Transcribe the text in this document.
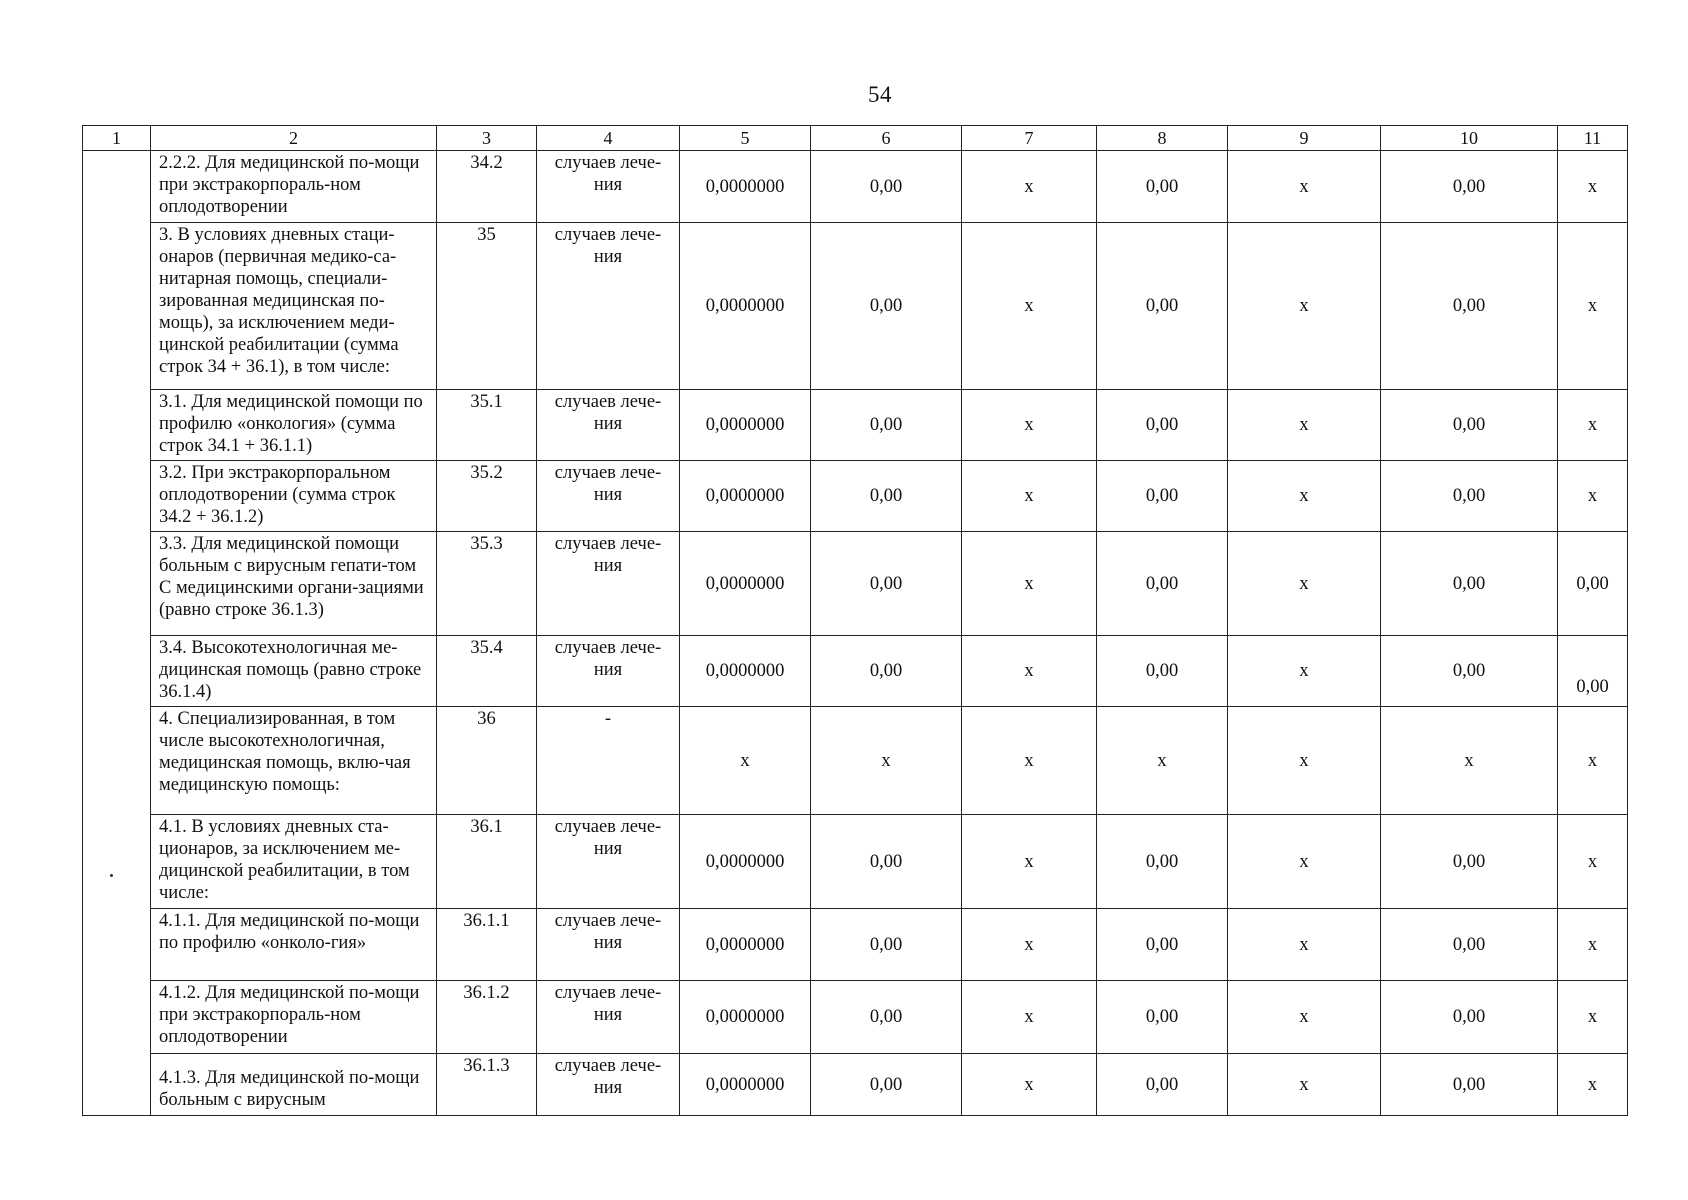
54
1	2	3	4	5	6	7	8	9	10	11
	2.2.2. Для медицинской по-мощи при экстракорпораль-ном оплодотворении	34.2	случаев лече-ния	0,0000000	0,00	х	0,00	х	0,00	х
	3. В условиях дневных стаци-онаров (первичная медико-са-нитарная помощь, специали-зированная медицинская по-мощь), за исключением меди-цинской реабилитации (сумма строк 34 + 36.1), в том числе:	35	случаев лече-ния	0,0000000	0,00	х	0,00	х	0,00	х
	3.1. Для медицинской помощи по профилю «онкология» (сумма строк 34.1 + 36.1.1)	35.1	случаев лече-ния	0,0000000	0,00	х	0,00	х	0,00	х
	3.2. При экстракорпоральном оплодотворении (сумма строк 34.2 + 36.1.2)	35.2	случаев лече-ния	0,0000000	0,00	х	0,00	х	0,00	х
	3.3. Для медицинской помощи больным с вирусным гепати-том С медицинскими органи-зациями (равно строке 36.1.3)	35.3	случаев лече-ния	0,0000000	0,00	х	0,00	х	0,00	0,00
	3.4. Высокотехнологичная ме-дицинская помощь (равно строке 36.1.4)	35.4	случаев лече-ния	0,0000000	0,00	х	0,00	х	0,00	0,00
	4. Специализированная, в том числе высокотехнологичная, медицинская помощь, вклю-чая медицинскую помощь:	36	-	х	х	х	х	х	х	х
	4.1. В условиях дневных ста-ционаров, за исключением ме-дицинской реабилитации, в том числе:	36.1	случаев лече-ния	0,0000000	0,00	х	0,00	х	0,00	х
	4.1.1. Для медицинской по-мощи по профилю «онколо-гия»	36.1.1	случаев лече-ния	0,0000000	0,00	х	0,00	х	0,00	х
	4.1.2. Для медицинской по-мощи при экстракорпораль-ном оплодотворении	36.1.2	случаев лече-ния	0,0000000	0,00	х	0,00	х	0,00	х
	4.1.3. Для медицинской по-мощи больным с вирусным	36.1.3	случаев лече-ния	0,0000000	0,00	х	0,00	х	0,00	х
